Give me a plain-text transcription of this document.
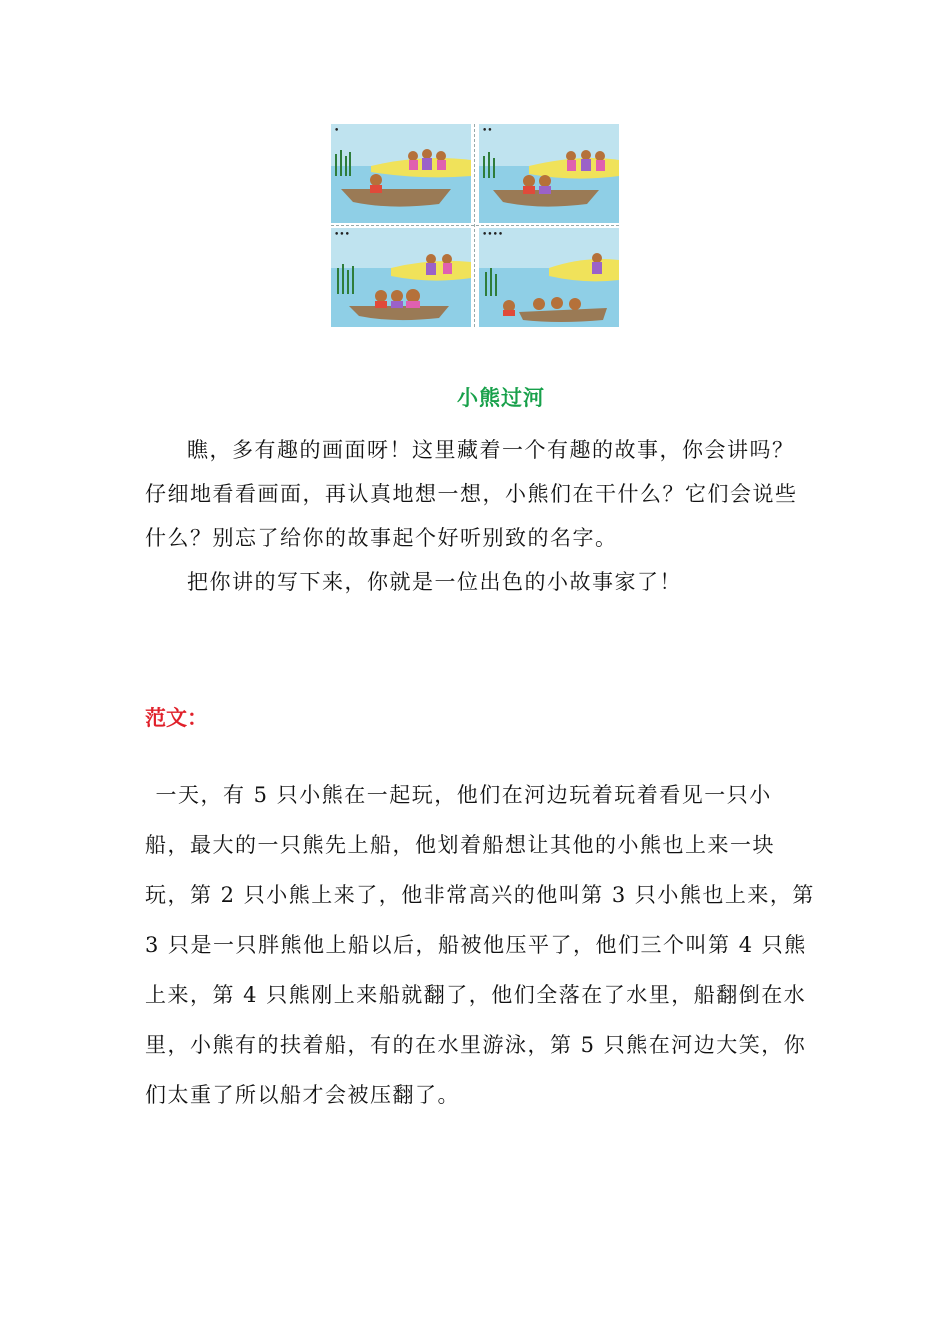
•	••
•••	••••
小熊过河

瞧，多有趣的画面呀！这里藏着一个有趣的故事，你会讲吗？仔细地看看画面，再认真地想一想，小熊们在干什么？它们会说些什么？别忘了给你的故事起个好听别致的名字。

把你讲的写下来，你就是一位出色的小故事家了！

范文：

一天，有 5 只小熊在一起玩，他们在河边玩着玩着看见一只小船，最大的一只熊先上船，他划着船想让其他的小熊也上来一块玩，第 2 只小熊上来了，他非常高兴的他叫第 3 只小熊也上来，第 3 只是一只胖熊他上船以后，船被他压平了，他们三个叫第 4 只熊上来，第 4 只熊刚上来船就翻了，他们全落在了水里，船翻倒在水里，小熊有的扶着船，有的在水里游泳，第 5 只熊在河边大笑，你们太重了所以船才会被压翻了。
